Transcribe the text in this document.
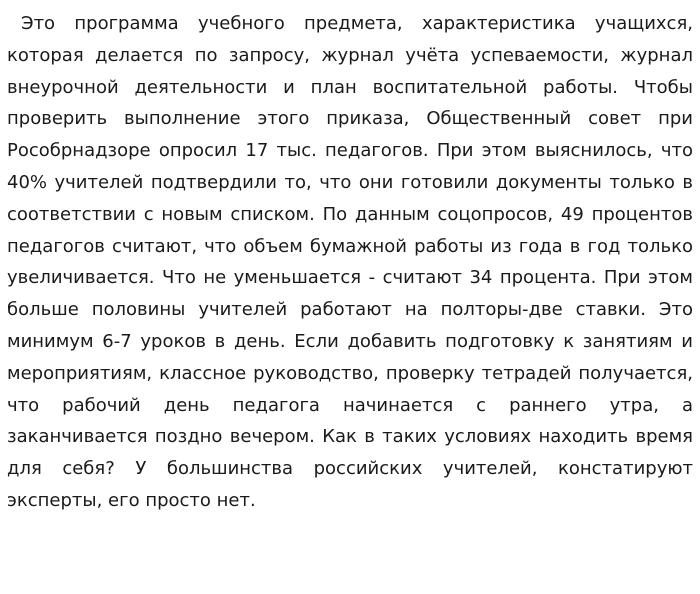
Это программа учебного предмета, характеристика учащихся, которая делается по запросу, журнал учёта успеваемости, журнал внеурочной деятельности и план воспитательной работы. Чтобы проверить выполнение этого приказа, Общественный совет при Рособрнадзоре опросил 17 тыс. педагогов. При этом выяснилось, что 40% учителей подтвердили то, что они готовили документы только в соответствии с новым списком. По данным соцопросов, 49 процентов педагогов считают, что объем бумажной работы из года в год только увеличивается. Что не уменьшается - считают 34 процента. При этом больше половины учителей работают на полторы-две ставки. Это минимум 6-7 уроков в день. Если добавить подготовку к занятиям и мероприятиям, классное руководство, проверку тетрадей получается, что рабочий день педагога начинается с раннего утра, а заканчивается поздно вечером. Как в таких условиях находить время для себя? У большинства российских учителей, констатируют эксперты, его просто нет.
